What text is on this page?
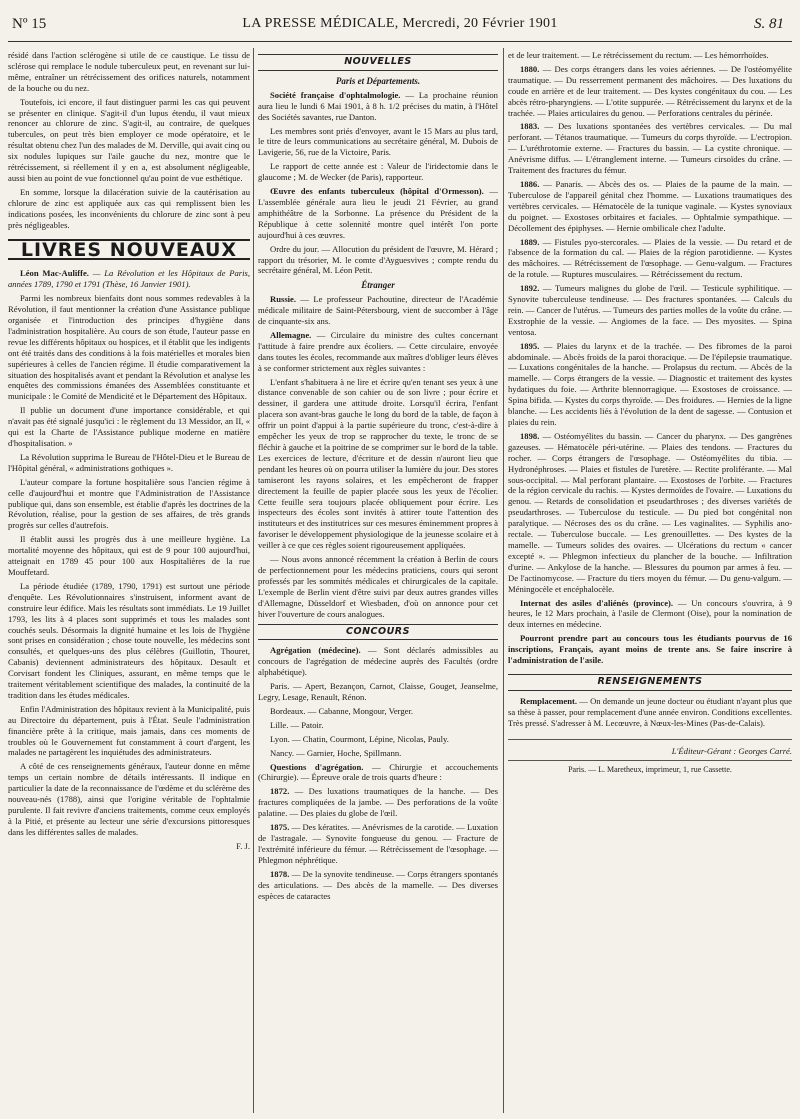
Nº 15	LA PRESSE MÉDICALE, Mercredi, 20 Février 1901	S. 81

résidé dans l'action sclérogène si utile de ce caustique. Le tissu de sclérose qui remplace le nodule tuberculeux peut, en revenant sur lui-même, entraîner un rétrécissement des orifices naturels, notamment de la bouche ou du nez.

Toutefois, ici encore, il faut distinguer parmi les cas qui peuvent se présenter en clinique. S'agit-il d'un lupus étendu, il vaut mieux renoncer au chlorure de zinc. S'agit-il, au contraire, de quelques tubercules, on peut très bien employer ce mode opératoire, et le résultat obtenu chez l'un des malades de M. Derville, qui avait cinq ou six nodules lupiques sur l'aile gauche du nez, montre que le rétrécissement, si réellement il y en a, est absolument négligeable, aussi bien au point de vue fonctionnel qu'au point de vue esthétique.

En somme, lorsque la dilacération suivie de la cautérisation au chlorure de zinc est appliquée aux cas qui remplissent bien les indications posées, les inconvénients du chlorure de zinc sont à peu près négligeables.

LIVRES NOUVEAUX

Léon Mac-Auliffe. — La Révolution et les Hôpitaux de Paris, années 1789, 1790 et 1791 (Thèse, 16 Janvier 1901).

Parmi les nombreux bienfaits dont nous sommes redevables à la Révolution, il faut mentionner la création d'une Assistance publique organisée et l'introduction des principes d'hygiène dans l'administration hospitalière. Au cours de son étude, l'auteur passe en revue les différents hôpitaux ou hospices, et il établit que les indigents ont été traités dans des conditions à la fois matérielles et morales bien supérieures à celles de l'ancien régime. Il étudie comparativement la situation des hospitalisés avant et pendant la Révolution et analyse les enquêtes des commissions émanées des Assemblées constituante et municipale : le Comité de Mendicité et le Département des Hôpitaux.

Il publie un document d'une importance considérable, et qui n'avait pas été signalé jusqu'ici : le règlement du 13 Messidor, an II, « qui est la Charte de l'Assistance publique moderne en matière d'hospitalisation. »

La Révolution supprima le Bureau de l'Hôtel-Dieu et le Bureau de l'Hôpital général, « administrations gothiques ».

L'auteur compare la fortune hospitalière sous l'ancien régime à celle d'aujourd'hui et montre que l'Administration de l'Assistance publique qui, dans son ensemble, est établie d'après les doctrines de la Révolution, réalise, pour la gestion de ses affaires, de très grands progrès sur celles d'autrefois.

Il établit aussi les progrès dus à une meilleure hygiène. La mortalité moyenne des hôpitaux, qui est de 9 pour 100 aujourd'hui, atteignait en 1789 45 pour 100 aux Hospitalières de la rue Mouffetard.

La période étudiée (1789, 1790, 1791) est surtout une période d'enquête. Les Révolutionnaires s'instruisent, informent avant de construire leur édifice. Mais les résultats sont immédiats. Le 19 Juillet 1793, les lits à 4 places sont supprimés et tous les malades sont couchés seuls. Désormais la dignité humaine et les lois de l'hygiène sont prises en considération ; chose toute nouvelle, les médecins sont consultés, et quelques-uns des plus célèbres (Guillotin, Thouret, Cabanis) deviennent administrateurs des hôpitaux. Desault et Corvisart fondent les Cliniques, assurant, en même temps que le traitement véritablement scientifique des malades, la continuité de la tradition dans les études médicales.

Enfin l'Administration des hôpitaux revient à la Municipalité, puis au Directoire du département, puis à l'État. Seule l'administration financière prête à la critique, mais jamais, dans ces moments de troubles où le Gouvernement fut constamment à court d'argent, les malades ne partagèrent les inquiétudes des administrateurs.

A côté de ces renseignements généraux, l'auteur donne en même temps un certain nombre de détails intéressants. Il indique en particulier la date de la reconnaissance de l'œdème et du sclérème des nouveau-nés (1788), ainsi que l'origine véritable de l'ophtalmie purulente. Il fait revivre d'anciens traitements, comme ceux employés à la Pitié, et présente au lecteur une série d'excursions pittoresques dans les différentes salles de malades.

F. J.
NOUVELLES
Paris et Départements.

Société française d'ophtalmologie. — La prochaine réunion aura lieu le lundi 6 Mai 1901, à 8 h. 1/2 précises du matin, à l'Hôtel des Sociétés savantes, rue Danton.

Les membres sont priés d'envoyer, avant le 15 Mars au plus tard, le titre de leurs communications au secrétaire général, M. Dubois de Lavigerie, 56, rue de la Victoire, Paris.

Le rapport de cette année est : Valeur de l'iridectomie dans le glaucome ; M. de Wecker (de Paris), rapporteur.

Œuvre des enfants tuberculeux (hôpital d'Ormesson). — L'assemblée générale aura lieu le jeudi 21 Février, au grand amphithéâtre de la Sorbonne. La présence du Président de la République à cette solennité montre quel intérêt l'on porte aujourd'hui à ces œuvres.

Ordre du jour. — Allocution du président de l'œuvre, M. Hérard ; rapport du trésorier, M. le comte d'Ayguesvives ; compte rendu du secrétaire général, M. Léon Petit.

Étranger

Russie. — Le professeur Pachoutine, directeur de l'Académie médicale militaire de Saint-Pétersbourg, vient de succomber à l'âge de cinquante-six ans.

Allemagne. — Circulaire du ministre des cultes concernant l'attitude à faire prendre aux écoliers. — Cette circulaire, envoyée dans toutes les écoles, recommande aux maîtres d'obliger leurs élèves à se conformer strictement aux règles suivantes :

L'enfant s'habituera à ne lire et écrire qu'en tenant ses yeux à une distance convenable de son cahier ou de son livre ; pour écrire et dessiner, il gardera une attitude droite. Lorsqu'il écrira, l'enfant placera son avant-bras gauche le long du bord de la table, de façon à offrir un point d'appui à la partie supérieure du tronc, c'est-à-dire à empêcher les yeux de trop se rapprocher du texte, le tronc de se fléchir à gauche et la poitrine de se comprimer sur le bord de la table. Les exercices de lecture, d'écriture et de dessin n'auront lieu que pendant les heures où on pourra utiliser la lumière du jour. Des stores tamiseront les rayons solaires, et les empêcheront de frapper directement la feuille de papier placée sous les yeux de l'écolier. Cette feuille sera toujours placée obliquement pour écrire. Les inspecteurs des écoles sont invités à attirer toute l'attention des instituteurs et des institutrices sur ces mesures éminemment propres à favoriser le développement physiologique de la jeunesse scolaire et à veiller à ce que ces règles soient rigoureusement appliquées.

— Nous avons annoncé récemment la création à Berlin de cours de perfectionnement pour les médecins praticiens, cours qui seront professés par les sommités médicales et chirurgicales de la capitale. L'exemple de Berlin vient d'être suivi par deux autres grandes villes d'Allemagne, Düsseldorf et Wiesbaden, d'où on annonce pour cet hiver l'ouverture de cours analogues.

CONCOURS

Agrégation (médecine). — Sont déclarés admissibles au concours de l'agrégation de médecine auprès des Facultés (ordre alphabétique).

Paris. — Apert, Bezançon, Carnot, Claisse, Gouget, Jeanselme, Legry, Lesage, Renault, Rénon.

Bordeaux. — Cabanne, Mongour, Verger.

Lille. — Patoir.

Lyon. — Chatin, Courmont, Lépine, Nicolas, Pauly.

Nancy. — Garnier, Hoche, Spillmann.

Questions d'agrégation. — Chirurgie et accouchements (Chirurgie). — Épreuve orale de trois quarts d'heure :

1872. — Des luxations traumatiques de la hanche. — Des fractures compliquées de la jambe. — Des perforations de la voûte palatine. — Des plaies du globe de l'œil.

1875. — Des kératites. — Anévrismes de la carotide. — Luxation de l'astragale. — Synovite fongueuse du genou. — Fracture de l'extrémité inférieure du fémur. — Rétrécissement de l'œsophage. — Phlegmon néphrétique.

1878. — De la synovite tendineuse. — Corps étrangers spontanés des articulations. — Des abcès de la mamelle. — Des diverses espèces de cataractes

et de leur traitement. — Le rétrécissement du rectum. — Les hémorrhoïdes.

1880. — Des corps étrangers dans les voies aériennes. — De l'ostéomyélite traumatique. — Du resserrement permanent des mâchoires. — Des luxations du coude en arrière et de leur traitement. — Des kystes congénitaux du cou. — Les abcès rétro-pharyngiens. — L'otite suppurée. — Rétrécissement du larynx et de la trachée. — Plaies articulaires du genou. — Perforations centrales du périnée.

1883. — Des luxations spontanées des vertèbres cervicales. — Du mal perforant. — Tétanos traumatique. — Tumeurs du corps thyroïde. — L'ectropion. — L'uréthrotomie externe. — Fractures du bassin. — La cystite chronique. — Anévrisme diffus. — L'étranglement interne. — Tumeurs cirsoïdes du crâne. — Traitement des fractures du fémur.

1886. — Panaris. — Abcès des os. — Plaies de la paume de la main. — Tuberculose de l'appareil génital chez l'homme. — Luxations traumatiques des vertèbres cervicales. — Hématocèle de la tunique vaginale. — Kystes synoviaux du poignet. — Exostoses orbitaires et faciales. — Ophtalmie sympathique. — Décollement des épiphyses. — Hernie ombilicale chez l'adulte.

1889. — Fistules pyo-stercorales. — Plaies de la vessie. — Du retard et de l'absence de la formation du cal. — Plaies de la région parotidienne. — Kystes des mâchoires. — Rétrécissement de l'œsophage. — Genu-valgum. — Fractures de la rotule. — Ruptures musculaires. — Rétrécissement du rectum.

1892. — Tumeurs malignes du globe de l'œil. — Testicule syphilitique. — Synovite tuberculeuse tendineuse. — Des fractures spontanées. — Calculs du rein. — Cancer de l'utérus. — Tumeurs des parties molles de la voûte du crâne. — Exstrophie de la vessie. — Angiomes de la face. — Des myosites. — Spina ventosa.

1895. — Plaies du larynx et de la trachée. — Des fibromes de la paroi abdominale. — Abcès froids de la paroi thoracique. — De l'épilepsie traumatique. — Luxations congénitales de la hanche. — Prolapsus du rectum. — Abcès de la mamelle. — Corps étrangers de la vessie. — Diagnostic et traitement des kystes hydatiques du foie. — Arthrite blennorragique. — Exostoses de croissance. — Spina bifida. — Kystes du corps thyroïde. — Des froidures. — Hernies de la ligne blanche. — Les accidents liés à l'évolution de la dent de sagesse. — Contusion et plaies du rein.

1898. — Ostéomyélites du bassin. — Cancer du pharynx. — Des gangrènes gazeuses. — Hématocèle péri-utérine. — Plaies des tendons. — Fractures du rocher. — Corps étrangers de l'œsophage. — Ostéomyélites du tibia. — Hydronéphroses. — Plaies et fistules de l'uretère. — Rectite proliférante. — Mal sous-occipital. — Mal perforant plantaire. — Exostoses de l'orbite. — Fractures de la région cervicale du rachis. — Kystes dermoïdes de l'ovaire. — Luxations du genou. — Retards de consolidation et pseudarthroses ; des diverses variétés de pseudarthroses. — Tuberculose du testicule. — Du pied bot congénital non paralytique. — Nécroses des os du crâne. — Les vaginalites. — Syphilis ano-rectale. — Tuberculose buccale. — Les grenouillettes. — Des kystes de la mamelle. — Tumeurs solides des ovaires. — Ulcérations du rectum « cancer excepté ». — Phlegmon infectieux du plancher de la bouche. — Infiltration d'urine. — Ankylose de la hanche. — Blessures du poumon par armes à feu. — De l'actinomycose. — Fracture du tiers moyen du fémur. — Du genu-valgum. — Méningocèle et encéphalocèle.

Internat des asiles d'aliénés (province). — Un concours s'ouvrira, à 9 heures, le 12 Mars prochain, à l'asile de Clermont (Oise), pour la nomination de deux internes en médecine.

Pourront prendre part au concours tous les étudiants pourvus de 16 inscriptions, Français, ayant moins de trente ans. Se faire inscrire à l'administration de l'asile.

RENSEIGNEMENTS

Remplacement. — On demande un jeune docteur ou étudiant n'ayant plus que sa thèse à passer, pour remplacement d'une année environ. Conditions excellentes. Très pressé. S'adresser à M. Lecœuvre, à Nœux-les-Mines (Pas-de-Calais).

L'Éditeur-Gérant : Georges Carré.
Paris. — L. Maretheux, imprimeur, 1, rue Cassette.
